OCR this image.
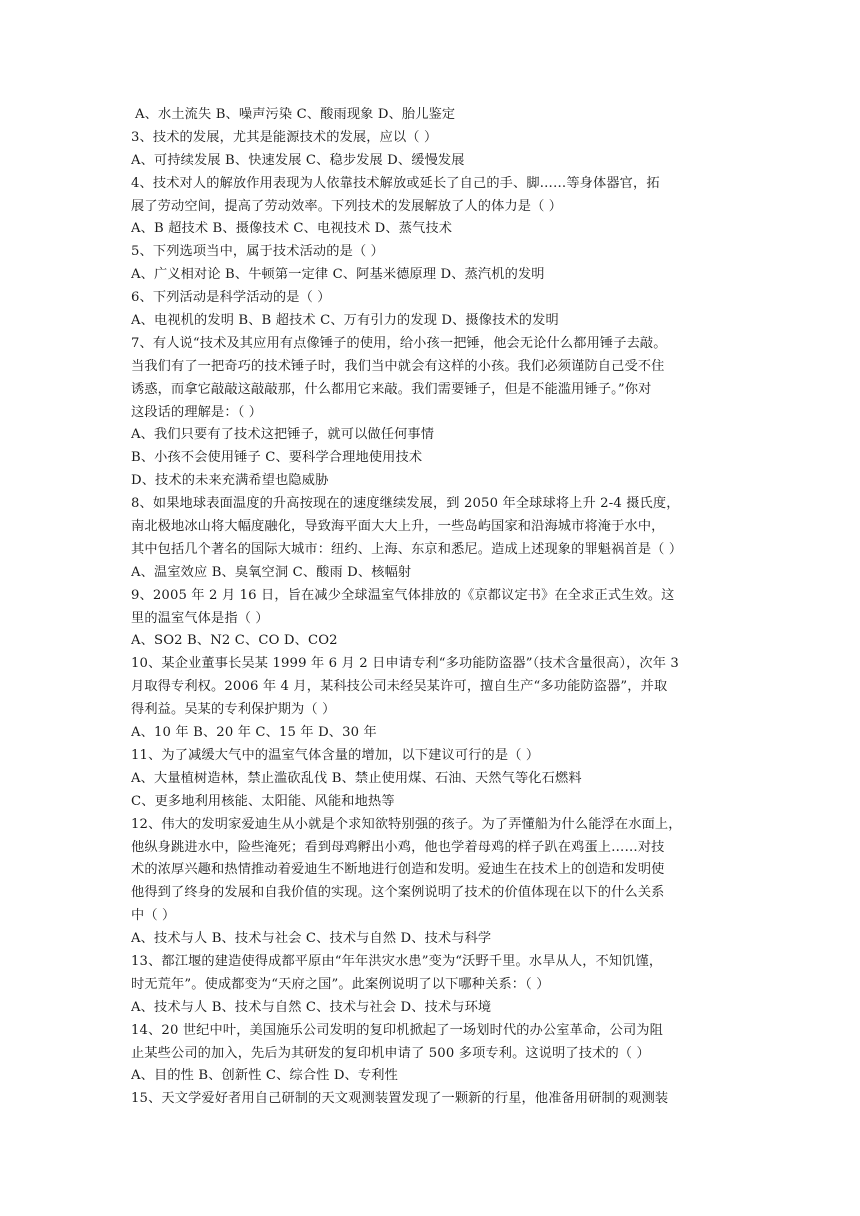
A、水土流失 B、噪声污染 C、酸雨现象 D、胎儿鉴定
3、技术的发展，尤其是能源技术的发展，应以（ ）
A、可持续发展 B、快速发展 C、稳步发展 D、缓慢发展
4、技术对人的解放作用表现为人依靠技术解放或延长了自己的手、脚……等身体器官，拓
展了劳动空间，提高了劳动效率。下列技术的发展解放了人的体力是（ ）
A、B 超技术 B、摄像技术 C、电视技术 D、蒸气技术
5、下列选项当中，属于技术活动的是（ ）
A、广义相对论 B、牛顿第一定律 C、阿基米德原理 D、蒸汽机的发明
6、下列活动是科学活动的是（ ）
A、电视机的发明 B、B 超技术 C、万有引力的发现 D、摄像技术的发明
7、有人说“技术及其应用有点像锤子的使用，给小孩一把锤，他会无论什么都用锤子去敲。
当我们有了一把奇巧的技术锤子时，我们当中就会有这样的小孩。我们必须谨防自己受不住
诱惑，而拿它敲敲这敲敲那，什么都用它来敲。我们需要锤子，但是不能滥用锤子。”你对
这段话的理解是：（ ）
A、我们只要有了技术这把锤子，就可以做任何事情
B、小孩不会使用锤子 C、要科学合理地使用技术
D、技术的未来充满希望也隐威胁
8、如果地球表面温度的升高按现在的速度继续发展，到 2050 年全球球将上升 2-4 摄氏度，
南北极地冰山将大幅度融化，导致海平面大大上升，一些岛屿国家和沿海城市将淹于水中，
其中包括几个著名的国际大城市：纽约、上海、东京和悉尼。造成上述现象的罪魁祸首是（ ）
A、温室效应 B、臭氧空洞 C、酸雨 D、核幅射
9、2005 年 2 月 16 日，旨在减少全球温室气体排放的《京都议定书》在全求正式生效。这
里的温室气体是指（ ）
A、SO2 B、N2 C、CO D、CO2
10、某企业董事长吴某 1999 年 6 月 2 日申请专利“多功能防盗器”（技术含量很高），次年 3
月取得专利权。2006 年 4 月，某科技公司未经吴某许可，擅自生产“多功能防盗器”，并取
得利益。吴某的专利保护期为（ ）
A、10 年 B、20 年 C、15 年 D、30 年
11、为了减缓大气中的温室气体含量的增加，以下建议可行的是（ ）
A、大量植树造林，禁止滥砍乱伐 B、禁止使用煤、石油、天然气等化石燃料
C、更多地利用核能、太阳能、风能和地热等
12、伟大的发明家爱迪生从小就是个求知欲特别强的孩子。为了弄懂船为什么能浮在水面上，
他纵身跳进水中，险些淹死；看到母鸡孵出小鸡，他也学着母鸡的样子趴在鸡蛋上……对技
术的浓厚兴趣和热情推动着爱迪生不断地进行创造和发明。爱迪生在技术上的创造和发明使
他得到了终身的发展和自我价值的实现。这个案例说明了技术的价值体现在以下的什么关系
中（ ）
A、技术与人 B、技术与社会 C、技术与自然 D、技术与科学
13、都江堰的建造使得成都平原由“年年洪灾水患”变为“沃野千里。水旱从人，不知饥馑，
时无荒年”。使成都变为“天府之国”。此案例说明了以下哪种关系：（ ）
A、技术与人 B、技术与自然 C、技术与社会 D、技术与环境
14、20 世纪中叶，美国施乐公司发明的复印机掀起了一场划时代的办公室革命，公司为阻
止某些公司的加入，先后为其研发的复印机申请了 500 多项专利。这说明了技术的（ ）
A、目的性 B、创新性 C、综合性 D、专利性
15、天文学爱好者用自己研制的天文观测装置发现了一颗新的行星，他准备用研制的观测装
